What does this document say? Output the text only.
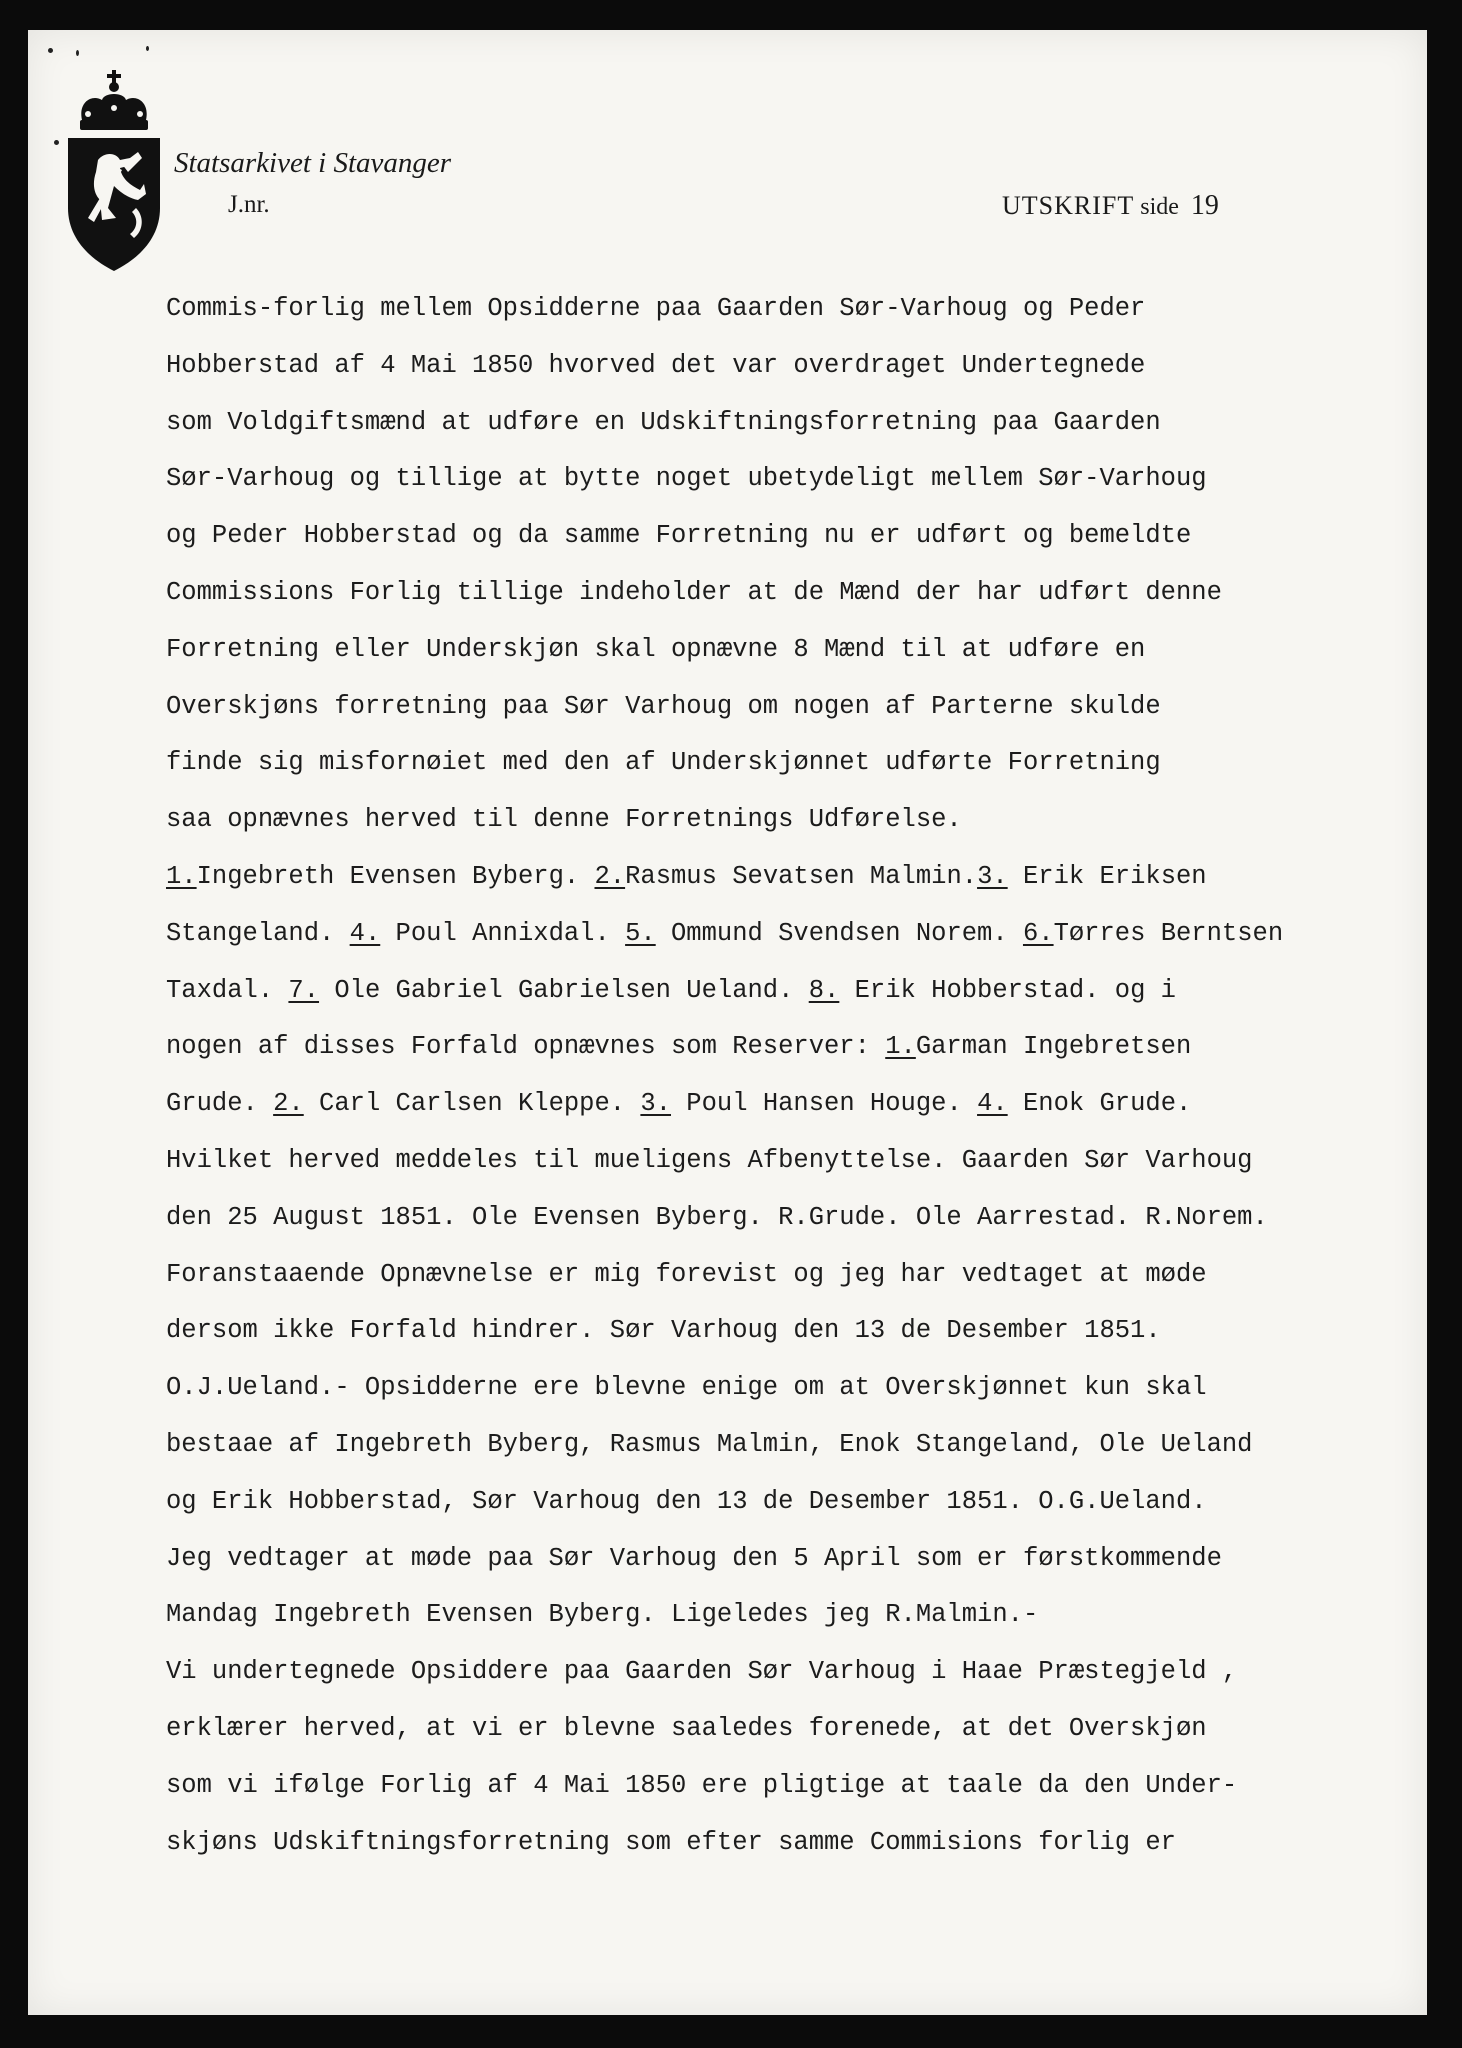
Statsarkivet i Stavanger
J.nr.	UTSKRIFT side 19
Commis-forlig mellem Opsidderne paa Gaarden Sør-Varhoug og Peder
Hobberstad af 4 Mai 1850 hvorved det var overdraget Undertegnede
som Voldgiftsmænd at udføre en Udskiftningsforretning paa Gaarden
Sør-Varhoug og tillige at bytte noget ubetydeligt mellem Sør-Varhoug
og Peder Hobberstad og da samme Forretning nu er udført og bemeldte
Commissions Forlig tillige indeholder at de Mænd der har udført denne
Forretning eller Underskjøn skal opnævne 8 Mænd til at udføre en
Overskjøns forretning paa Sør Varhoug om nogen af Parterne skulde
finde sig misfornøiet med den af Underskjønnet udførte Forretning
saa opnævnes herved til denne Forretnings Udførelse.
1.Ingebreth Evensen Byberg. 2.Rasmus Sevatsen Malmin.3. Erik Eriksen
Stangeland. 4. Poul Annixdal. 5. Ommund Svendsen Norem. 6.Tørres Berntsen
Taxdal. 7. Ole Gabriel Gabrielsen Ueland. 8. Erik Hobberstad. og i
nogen af disses Forfald opnævnes som Reserver: 1.Garman Ingebretsen
Grude. 2. Carl Carlsen Kleppe. 3. Poul Hansen Houge. 4. Enok Grude.
Hvilket herved meddeles til mueligens Afbenyttelse. Gaarden Sør Varhoug
den 25 August 1851. Ole Evensen Byberg. R.Grude. Ole Aarrestad. R.Norem.
Foranstaaende Opnævnelse er mig forevist og jeg har vedtaget at møde
dersom ikke Forfald hindrer. Sør Varhoug den 13 de Desember 1851.
O.J.Ueland.- Opsidderne ere blevne enige om at Overskjønnet kun skal
bestaae af Ingebreth Byberg, Rasmus Malmin, Enok Stangeland, Ole Ueland
og Erik Hobberstad, Sør Varhoug den 13 de Desember 1851. O.G.Ueland.
Jeg vedtager at møde paa Sør Varhoug den 5 April som er førstkommende
Mandag Ingebreth Evensen Byberg. Ligeledes jeg R.Malmin.-
Vi undertegnede Opsiddere paa Gaarden Sør Varhoug i Haae Præstegjeld ,
erklærer herved, at vi er blevne saaledes forenede, at det Overskjøn
som vi ifølge Forlig af 4 Mai 1850 ere pligtige at taale da den Under-
skjøns Udskiftningsforretning som efter samme Commisions forlig er
